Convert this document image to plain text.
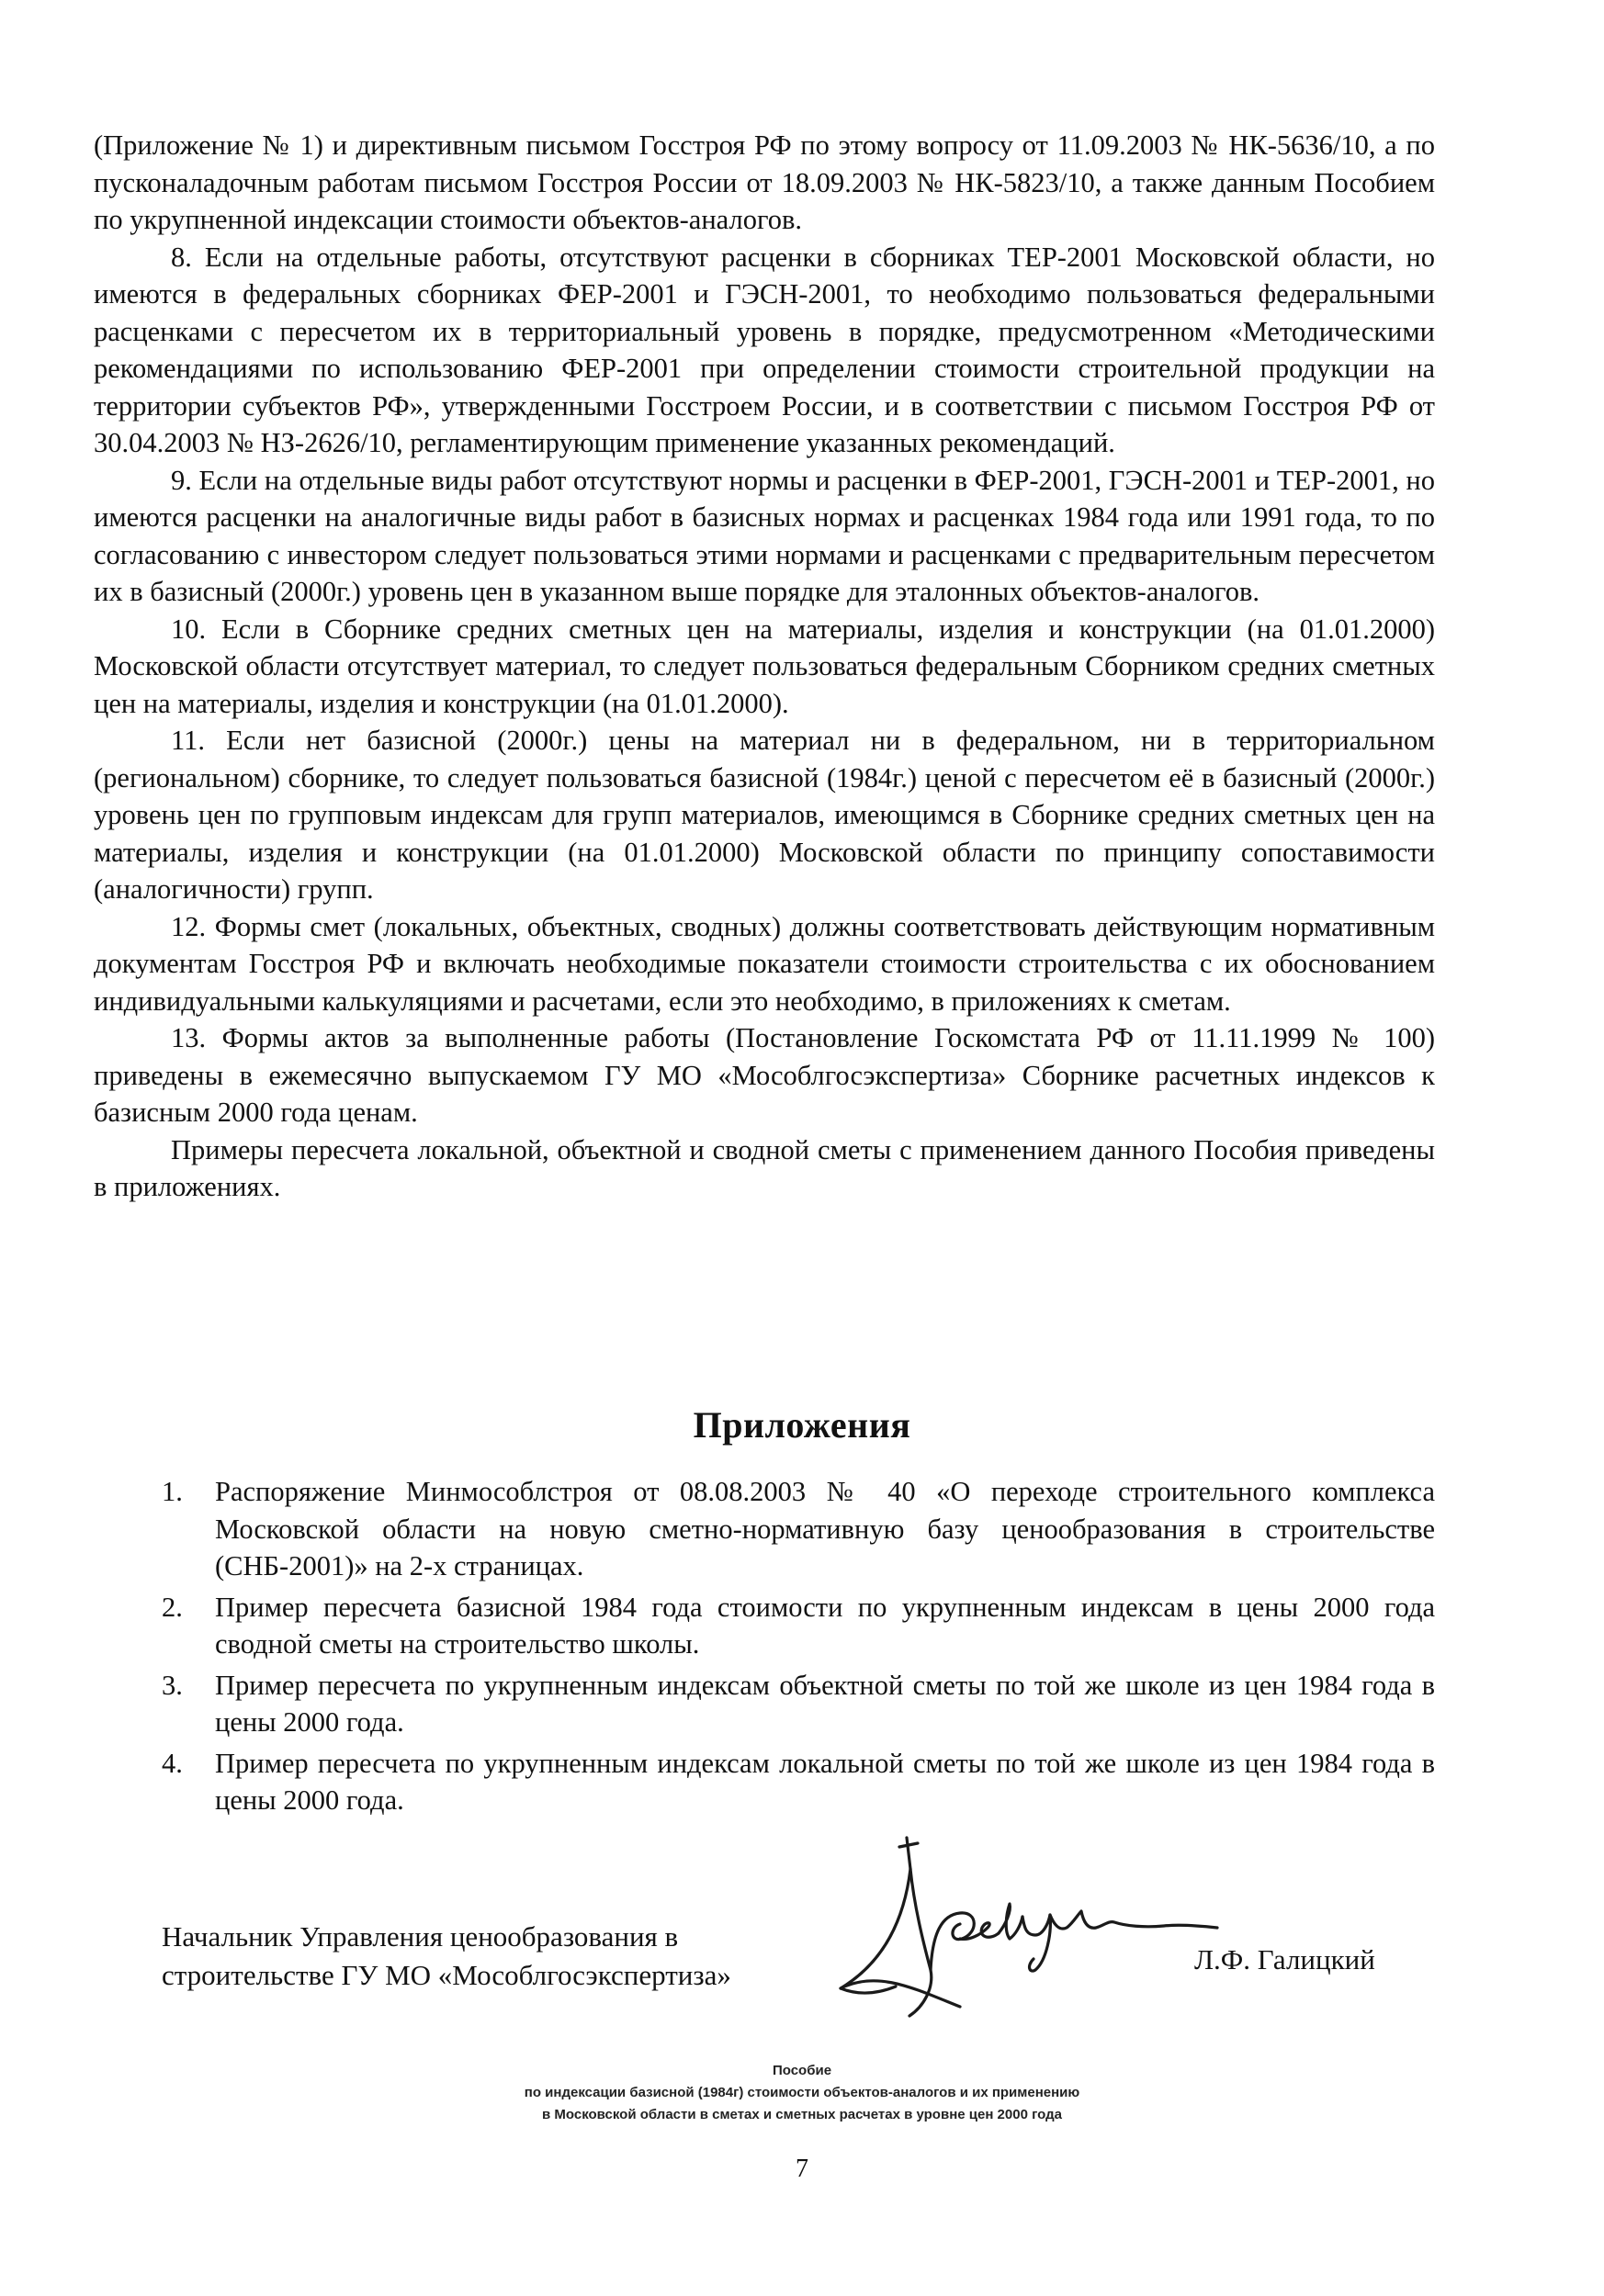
(Приложение № 1) и директивным письмом Госстроя РФ по этому вопросу от 11.09.2003 № НК-5636/10, а по пусконаладочным работам письмом Госстроя России от 18.09.2003 № НК-5823/10, а также данным Пособием по укрупненной индексации стоимости объектов-аналогов.

8. Если на отдельные работы, отсутствуют расценки в сборниках ТЕР-2001 Московской области, но имеются в федеральных сборниках ФЕР-2001 и ГЭСН-2001, то необходимо пользоваться федеральными расценками с пересчетом их в территориальный уровень в порядке, предусмотренном «Методическими рекомендациями по использованию ФЕР-2001 при определении стоимости строительной продукции на территории субъектов РФ», утвержденными Госстроем России, и в соответствии с письмом Госстроя РФ от 30.04.2003 № НЗ-2626/10, регламентирующим применение указанных рекомендаций.

9. Если на отдельные виды работ отсутствуют нормы и расценки в ФЕР-2001, ГЭСН-2001 и ТЕР-2001, но имеются расценки на аналогичные виды работ в базисных нормах и расценках 1984 года или 1991 года, то по согласованию с инвестором следует пользоваться этими нормами и расценками с предварительным пересчетом их в базисный (2000г.) уровень цен в указанном выше порядке для эталонных объектов-аналогов.

10. Если в Сборнике средних сметных цен на материалы, изделия и конструкции (на 01.01.2000) Московской области отсутствует материал, то следует пользоваться федеральным Сборником средних сметных цен на материалы, изделия и конструкции (на 01.01.2000).

11. Если нет базисной (2000г.) цены на материал ни в федеральном, ни в территориальном (региональном) сборнике, то следует пользоваться базисной (1984г.) ценой с пересчетом её в базисный (2000г.) уровень цен по групповым индексам для групп материалов, имеющимся в Сборнике средних сметных цен на материалы, изделия и конструкции (на 01.01.2000) Московской области по принципу сопоставимости (аналогичности) групп.

12. Формы смет (локальных, объектных, сводных) должны соответствовать действующим нормативным документам Госстроя РФ и включать необходимые показатели стоимости строительства с их обоснованием индивидуальными калькуляциями и расчетами, если это необходимо, в приложениях к сметам.

13. Формы актов за выполненные работы (Постановление Госкомстата РФ от 11.11.1999 № 100) приведены в ежемесячно выпускаемом ГУ МО «Мособлгосэкспертиза» Сборнике расчетных индексов к базисным 2000 года ценам.

Примеры пересчета локальной, объектной и сводной сметы с применением данного Пособия приведены в приложениях.

Приложения
1. Распоряжение Минмособлстроя от 08.08.2003 № 40 «О переходе строительного комплекса Московской области на новую сметно-нормативную базу ценообразования в строительстве (СНБ-2001)» на 2-х страницах.
2. Пример пересчета базисной 1984 года стоимости по укрупненным индексам в цены 2000 года сводной сметы на строительство школы.
3. Пример пересчета по укрупненным индексам объектной сметы по той же школе из цен 1984 года в цены 2000 года.
4. Пример пересчета по укрупненным индексам локальной сметы по той же школе из цен 1984 года в цены 2000 года.
Начальник Управления ценообразования в
строительстве ГУ МО «Мособлгосэкспертиза»	Л.Ф. Галицкий
Пособие
по индексации базисной (1984г) стоимости объектов-аналогов и их применению
в Московской области в сметах и сметных расчетах в уровне цен 2000 года
7
